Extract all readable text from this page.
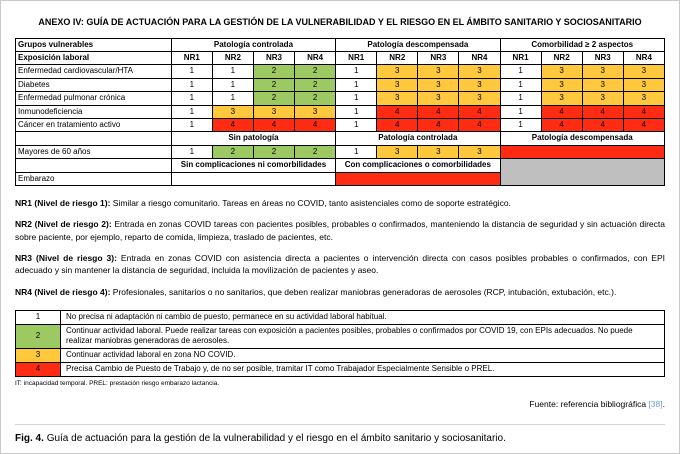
ANEXO IV: GUÍA DE ACTUACIÓN PARA LA GESTIÓN DE LA VULNERABILIDAD Y EL RIESGO EN EL ÁMBITO SANITARIO Y SOCIOSANITARIO
Grupos vulnerables	Patología controlada				Patología descompensada				Comorbilidad ≥ 2 aspectos			
Exposición laboral	NR1	NR2	NR3	NR4	NR1	NR2	NR3	NR4	NR1	NR2	NR3	NR4
Enfermedad cardiovascular/HTA	1	1	2	2	1	3	3	3	1	3	3	3
Diabetes	1	1	2	2	1	3	3	3	1	3	3	3
Enfermedad pulmonar crónica	1	1	2	2	1	3	3	3	1	3	3	3
Inmunodeficiencia	1	3	3	3	1	4	4	4	1	4	4	4
Cáncer en tratamiento activo	1	4	4	4	1	4	4	4	1	4	4	4
	Sin patología				Patología controlada				Patología descompensada			
Mayores de 60 años	1	2	2	2	1	3	3	3				
	Sin complicaciones ni comorbilidades				Con complicaciones o comorbilidades							
Embarazo												

NR1 (Nivel de riesgo 1): Similar a riesgo comunitario. Tareas en áreas no COVID, tanto asistenciales como de soporte estratégico.

NR2 (Nivel de riesgo 2): Entrada en zonas COVID tareas con pacientes posibles, probables o confirmados, manteniendo la distancia de seguridad y sin actuación directa sobre paciente, por ejemplo, reparto de comida, limpieza, traslado de pacientes, etc.

NR3 (Nivel de riesgo 3): Entrada en zonas COVID con asistencia directa a pacientes o intervención directa con casos posibles probables o confirmados, con EPI adecuado y sin mantener la distancia de seguridad, incluida la movilización de pacientes y aseo.

NR4 (Nivel de riesgo 4): Profesionales, sanitarios o no sanitarios, que deben realizar maniobras generadoras de aerosoles (RCP, intubación, extubación, etc.).

1	No precisa ni adaptación ni cambio de puesto, permanece en su actividad laboral habitual.
2	Continuar actividad laboral. Puede realizar tareas con exposición a pacientes posibles, probables o confirmados por COVID 19, con EPIs adecuados. No puede realizar maniobras generadoras de aerosoles.
3	Continuar actividad laboral en zona NO COVID.
4	Precisa Cambio de Puesto de Trabajo y, de no ser posible, tramitar IT como Trabajador Especialmente Sensible o PREL.
IT: incapacidad temporal. PREL: prestación riesgo embarazo lactancia.
Fuente: referencia bibliográfica [38].
Fig. 4. Guía de actuación para la gestión de la vulnerabilidad y el riesgo en el ámbito sanitario y sociosanitario.
